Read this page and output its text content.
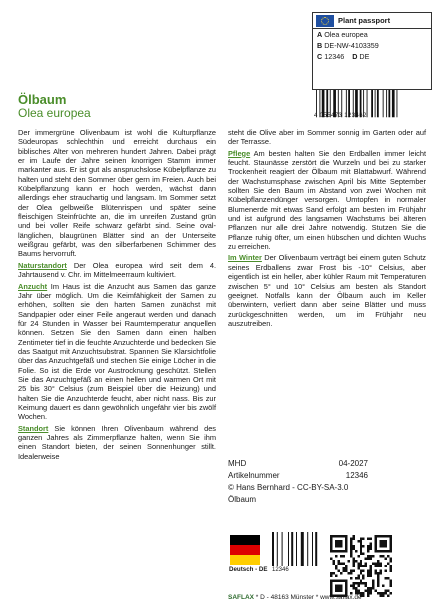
Plant passport
A Olea europea
B DE-NW-4103359
C 12346 D DE
4 055473 123462
Ölbaum
Olea europea

Der immergrüne Olivenbaum ist wohl die Kulturpflanze Südeuropas schlechthin und erreicht durchaus ein biblisches Alter von mehreren hundert Jahren. Dabei prägt er im Laufe der Jahre seinen knorrigen Stamm immer markanter aus. Er ist gut als anspruchslose Kübelpflanze zu halten und steht den Sommer über gern im Freien. Auch bei Kübelpflanzung kann er hoch werden, wächst dann allerdings eher strauchartig und langsam. Im Sommer setzt der Olea gelbweiße Blütenrispen und später seine fleischigen Steinfrüchte an, die im unreifen Zustand grün und bei voller Reife schwarz gefärbt sind. Seine oval-länglichen, blaugrünen Blätter sind an der Unterseite weißgrau gefärbt, was den silberfarbenen Schimmer des Baums hervorruft.

Naturstandort Der Olea europea wird seit dem 4. Jahrtausend v. Chr. im Mittelmeerraum kultiviert.

Anzucht Im Haus ist die Anzucht aus Samen das ganze Jahr über möglich. Um die Keimfähigkeit der Samen zu erhöhen, sollten sie den harten Samen zunächst mit Sandpapier oder einer Feile angeraut werden und danach für 24 Stunden in Wasser bei Raumtemperatur anquellen können. Setzen Sie den Samen dann einen halben Zentimeter tief in die feuchte Anzuchterde und bedecken Sie das Saatgut mit Anzuchtsubstrat. Spannen Sie Klarsichtfolie über das Anzuchtgefäß und stechen Sie einige Löcher in die Folie. So ist die Erde vor Austrocknung geschützt. Stellen Sie das Anzuchtgefäß an einen hellen und warmen Ort mit 25 bis 30° Celsius (zum Beispiel über die Heizung) und halten Sie die Anzuchterde feucht, aber nicht nass. Bis zur Keimung dauert es dann gewöhnlich ungefähr vier bis zwölf Wochen.

Standort Sie können Ihren Olivenbaum während des ganzen Jahres als Zimmerpflanze halten, wenn Sie ihm einen Standort bieten, der seinen Sonnenhunger stillt. Idealerweise

steht die Olive aber im Sommer sonnig im Garten oder auf der Terrasse.

Pflege Am besten halten Sie den Erdballen immer leicht feucht. Staunässe zerstört die Wurzeln und bei zu starker Trockenheit reagiert der Ölbaum mit Blattabwurf. Während der Wachstumsphase zwischen April bis Mitte September sollten Sie den Baum im Abstand von zwei Wochen mit Kübelpflanzendünger versorgen. Umtopfen in normaler Blumenerde mit etwas Sand erfolgt am besten im Frühjahr und ist aufgrund des langsamen Wachstums bei älteren Pflanzen nur alle drei Jahre notwendig. Stutzen Sie die Pflanze ruhig öfter, um einen hübschen und dichten Wuchs zu erreichen.

Im Winter Der Olivenbaum verträgt bei einem guten Schutz seines Erdballens zwar Frost bis -10° Celsius, aber eigentlich ist ein heller, aber kühler Raum mit Temperaturen zwischen 5° und 10° Celsius am besten als Standort geeignet. Notfalls kann der Ölbaum auch im Keller überwintern, verliert dann aber seine Blätter und muss zurückgeschnitten werden, um im Frühjahr neu auszutreiben.

MHD	04-2027
Artikelnummer	12346
© Hans Bernhard - CC-BY-SA-3.0
Ölbaum
Deutsch - DE 12346
SAFLAX * D - 48163 Münster * www.saflax.de
